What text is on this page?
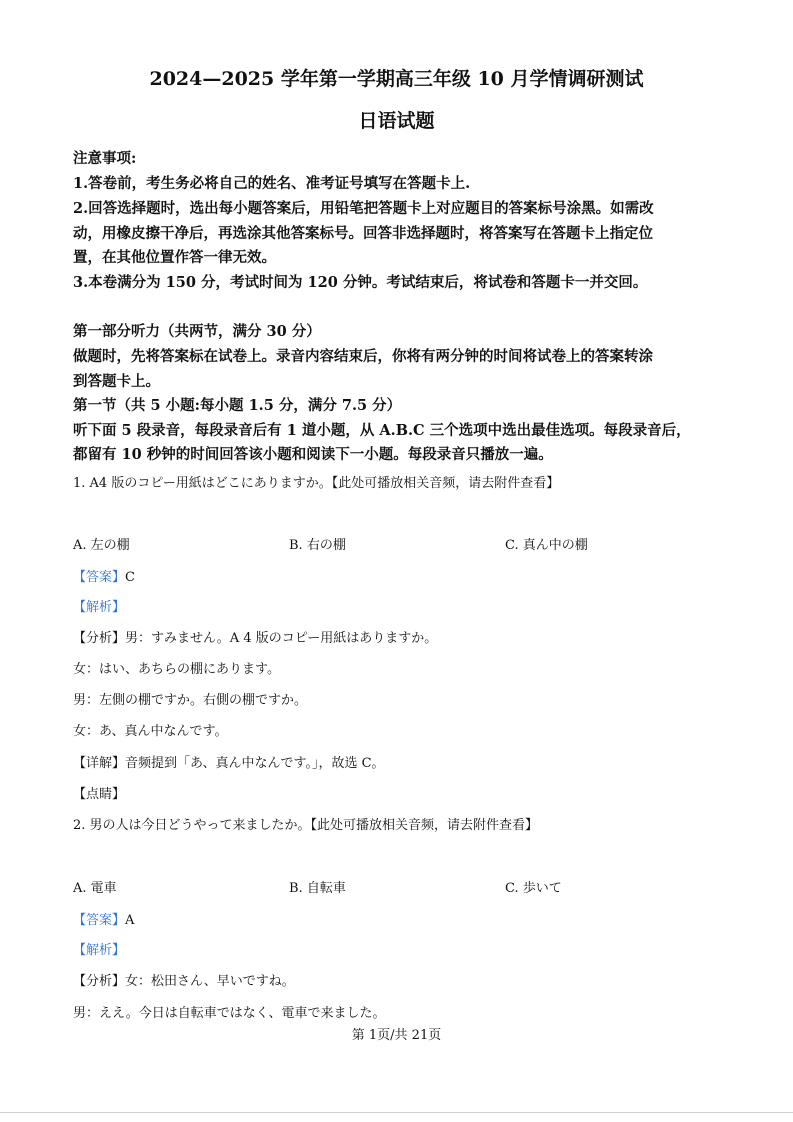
2024—2025 学年第一学期高三年级 10 月学情调研测试
日语试题
注意事项:
1.答卷前，考生务必将自己的姓名、准考证号填写在答题卡上.
2.回答选择题时，选出每小题答案后，用铅笔把答题卡上对应题目的答案标号涂黑。如需改
动，用橡皮擦干净后，再选涂其他答案标号。回答非选择题时，将答案写在答题卡上指定位
置，在其他位置作答一律无效。
3.本卷满分为 150 分，考试时间为 120 分钟。考试结束后，将试卷和答题卡一并交回。
第一部分听力（共两节，满分 30 分）
做题时，先将答案标在试卷上。录音内容结束后，你将有两分钟的时间将试卷上的答案转涂
到答题卡上。
第一节（共 5 小题:每小题 1.5 分，满分 7.5 分）
听下面 5 段录音，每段录音后有 1 道小题，从 A.B.C 三个选项中选出最佳选项。每段录音后，
都留有 10 秒钟的时间回答该小题和阅读下一小题。每段录音只播放一遍。
1. A4 版のコピー用紙はどこにありますか。【此处可播放相关音频，请去附件查看】
A. 左の棚	B. 右の棚	C. 真ん中の棚
【答案】C
【解析】
【分析】男：すみません。A 4 版のコピー用紙はありますか。
女：はい、あちらの棚にあります。
男：左側の棚ですか。右側の棚ですか。
女：あ、真ん中なんです。
【详解】音频提到「あ、真ん中なんです。」，故选 C。
【点睛】
2. 男の人は今日どうやって来ましたか。【此处可播放相关音频，请去附件查看】
A. 電車	B. 自転車	C. 歩いて
【答案】A
【解析】
【分析】女：松田さん、早いですね。
男：ええ。今日は自転車ではなく、電車で来ました。
第 1页/共 21页
